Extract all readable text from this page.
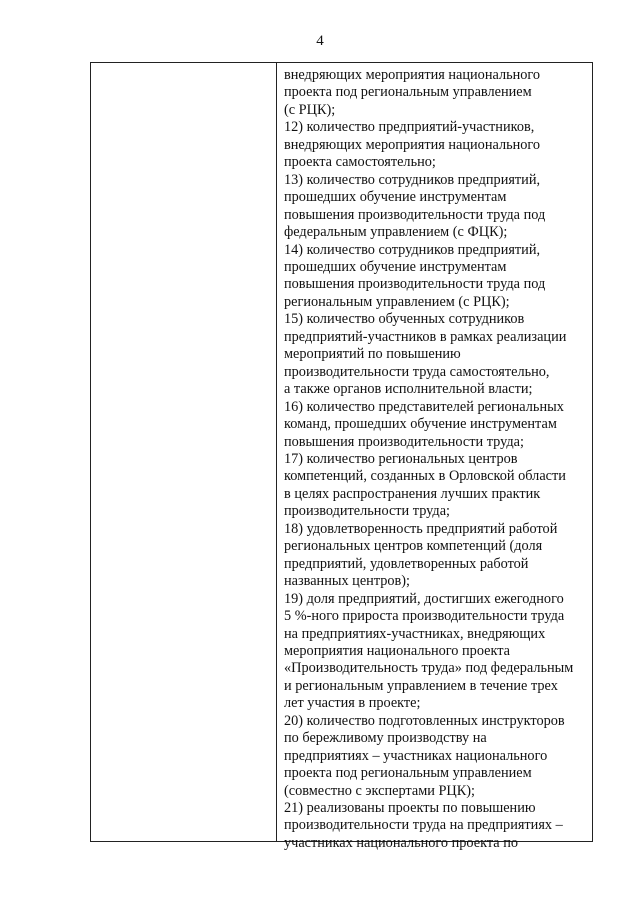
4
внедряющих мероприятия национального
проекта под региональным управлением
(с РЦК);
12) количество предприятий-участников,
внедряющих мероприятия национального
проекта самостоятельно;
13) количество сотрудников предприятий,
прошедших обучение инструментам
повышения производительности труда под
федеральным управлением (с ФЦК);
14) количество сотрудников предприятий,
прошедших обучение инструментам
повышения производительности труда под
региональным управлением (с РЦК);
15) количество обученных сотрудников
предприятий-участников в рамках реализации
мероприятий по повышению
производительности труда самостоятельно,
а также органов исполнительной власти;
16) количество представителей региональных
команд, прошедших обучение инструментам
повышения производительности труда;
17) количество региональных центров
компетенций, созданных в Орловской области
в целях распространения лучших практик
производительности труда;
18) удовлетворенность предприятий работой
региональных центров компетенций (доля
предприятий, удовлетворенных работой
названных центров);
19) доля предприятий, достигших ежегодного
5 %-ного прироста производительности труда
на предприятиях-участниках, внедряющих
мероприятия национального проекта
«Производительность труда» под федеральным
и региональным управлением в течение трех
лет участия в проекте;
20) количество подготовленных инструкторов
по бережливому производству на
предприятиях – участниках национального
проекта под региональным управлением
(совместно с экспертами РЦК);
21) реализованы проекты по повышению
производительности труда на предприятиях –
участниках национального проекта по
